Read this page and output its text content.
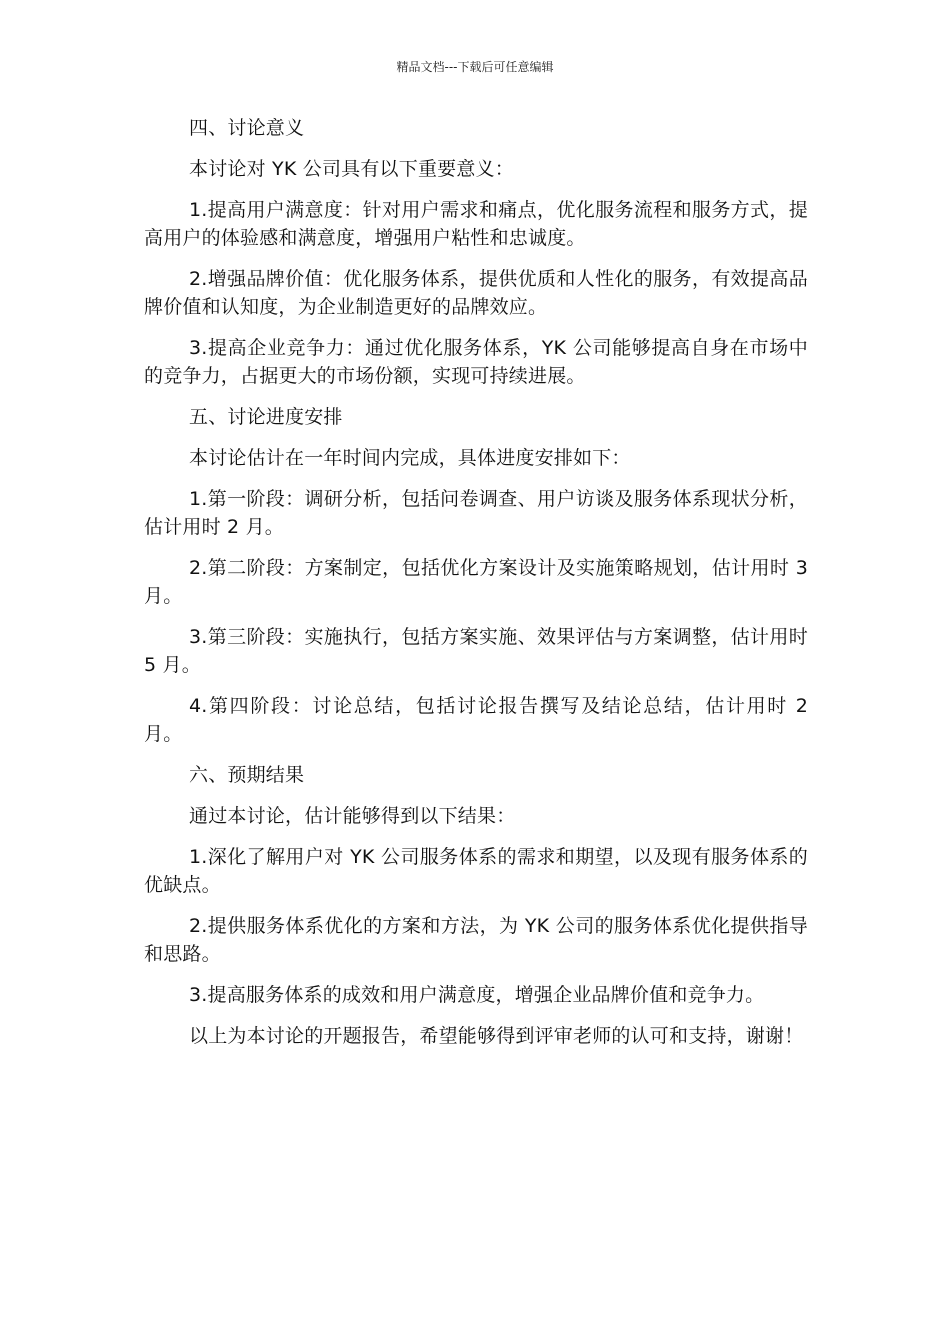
精品文档---下载后可任意编辑

四、讨论意义

本讨论对 YK 公司具有以下重要意义：

1.提高用户满意度：针对用户需求和痛点，优化服务流程和服务方式，提高用户的体验感和满意度，增强用户粘性和忠诚度。

2.增强品牌价值：优化服务体系，提供优质和人性化的服务，有效提高品牌价值和认知度，为企业制造更好的品牌效应。

3.提高企业竞争力：通过优化服务体系，YK 公司能够提高自身在市场中的竞争力，占据更大的市场份额，实现可持续进展。

五、讨论进度安排

本讨论估计在一年时间内完成，具体进度安排如下：

1.第一阶段：调研分析，包括问卷调查、用户访谈及服务体系现状分析，估计用时 2 月。

2.第二阶段：方案制定，包括优化方案设计及实施策略规划，估计用时 3 月。

3.第三阶段：实施执行，包括方案实施、效果评估与方案调整，估计用时 5 月。

4.第四阶段：讨论总结，包括讨论报告撰写及结论总结，估计用时 2 月。

六、预期结果

通过本讨论，估计能够得到以下结果：

1.深化了解用户对 YK 公司服务体系的需求和期望，以及现有服务体系的优缺点。

2.提供服务体系优化的方案和方法，为 YK 公司的服务体系优化提供指导和思路。

3.提高服务体系的成效和用户满意度，增强企业品牌价值和竞争力。

以上为本讨论的开题报告，希望能够得到评审老师的认可和支持，谢谢！
